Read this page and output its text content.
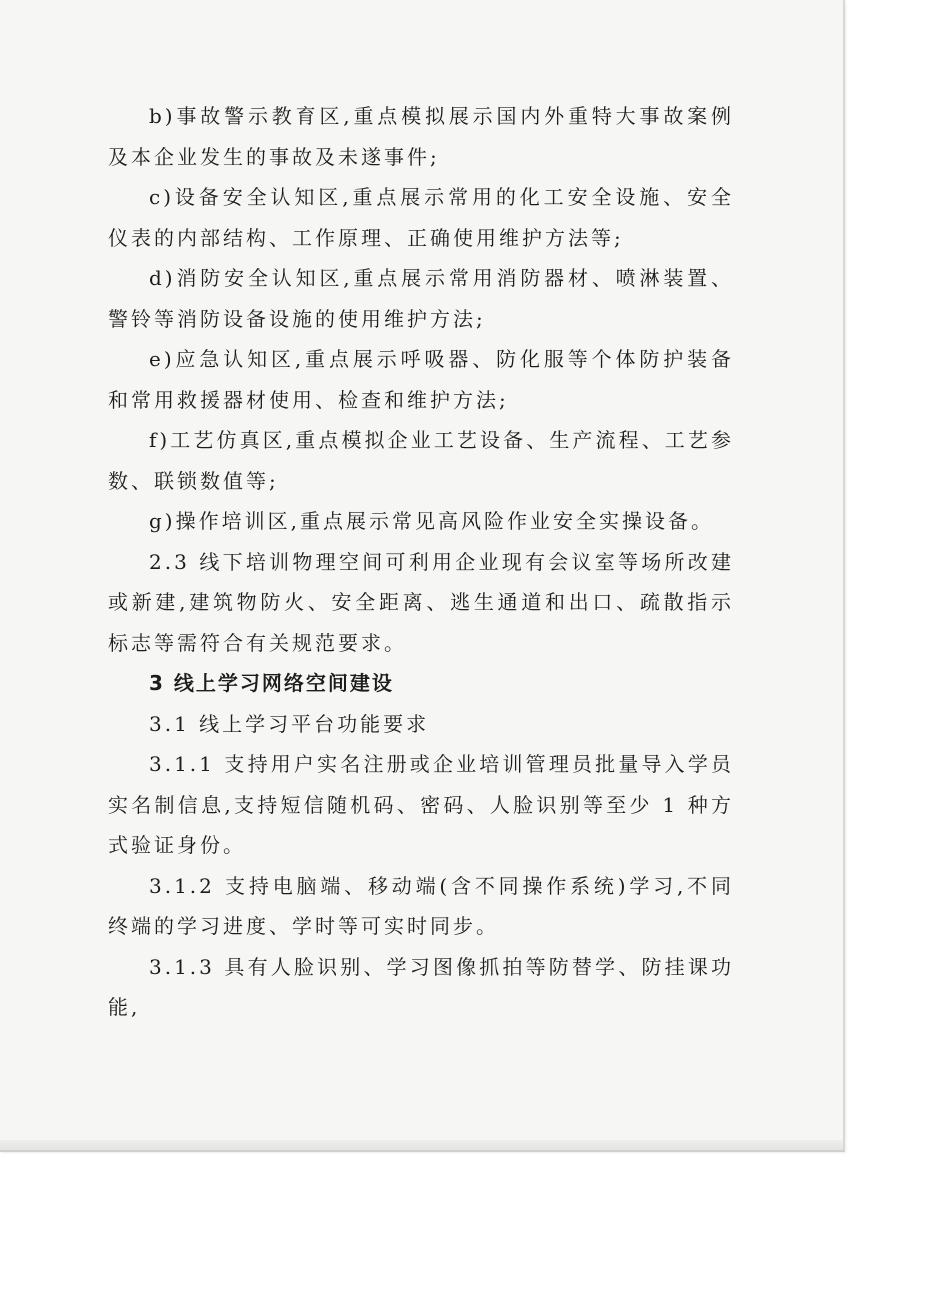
b)事故警示教育区,重点模拟展示国内外重特大事故案例及本企业发生的事故及未遂事件;

c)设备安全认知区,重点展示常用的化工安全设施、安全仪表的内部结构、工作原理、正确使用维护方法等;

d)消防安全认知区,重点展示常用消防器材、喷淋装置、警铃等消防设备设施的使用维护方法;

e)应急认知区,重点展示呼吸器、防化服等个体防护装备和常用救援器材使用、检查和维护方法;

f)工艺仿真区,重点模拟企业工艺设备、生产流程、工艺参数、联锁数值等;

g)操作培训区,重点展示常见高风险作业安全实操设备。

2.3 线下培训物理空间可利用企业现有会议室等场所改建或新建,建筑物防火、安全距离、逃生通道和出口、疏散指示标志等需符合有关规范要求。

3 线上学习网络空间建设

3.1 线上学习平台功能要求

3.1.1 支持用户实名注册或企业培训管理员批量导入学员实名制信息,支持短信随机码、密码、人脸识别等至少 1 种方式验证身份。

3.1.2 支持电脑端、移动端(含不同操作系统)学习,不同终端的学习进度、学时等可实时同步。

3.1.3 具有人脸识别、学习图像抓拍等防替学、防挂课功能,
